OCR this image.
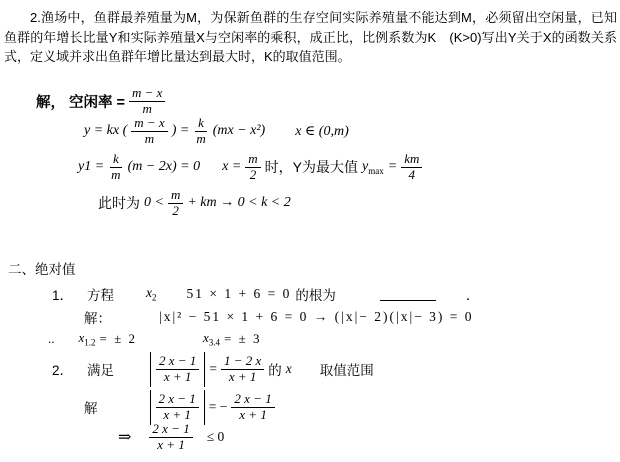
2.渔场中，鱼群最养殖量为M，为保新鱼群的生存空间实际养殖量不能达到M，必须留出空闲量，已知鱼群的年增长比量Y和实际养殖量X与空闲率的乘积，成正比，比例系数为K　(K>0)写出Y关于X的函数关系式，定义域并求出鱼群年增比量达到最大时，K的取值范围。
解， 空闲率 = $\frac{m - x}{m}$
y = kx ( $\frac{m - x}{m}$ ) = $\frac{k}{m} (mx - x^2)$ x ∈ (0,m)
$y1 = \frac{k}{m} (m - 2x) = 0$ $x = \frac{m}{2}$ 时，Y为最大值 $y_{max} = \frac{km}{4}$
此时为 $0 < \frac{m}{2}$ + km → 0 < k < 2
二、绝对值
1． 方程 $x_2$ 51 × 1 + 6 = 0 的根为	．
解：	|x|² − 51 × 1 + 6 = 0 → (|x|− 2)(|x|− 3) = 0
.. $x_{1.2}$ = ± 2	$x_{3.4}$ = ± 3
2． 满足	$\frac{2 x - 1}{x + 1} = \frac{1 - 2 x}{x + 1}$ 的 x 取值范围
解	$\frac{2 x - 1}{x + 1}$ = − $\frac{2 x - 1}{x + 1}$
⇒ $\frac{2 x - 1}{x + 1} \le 0$
